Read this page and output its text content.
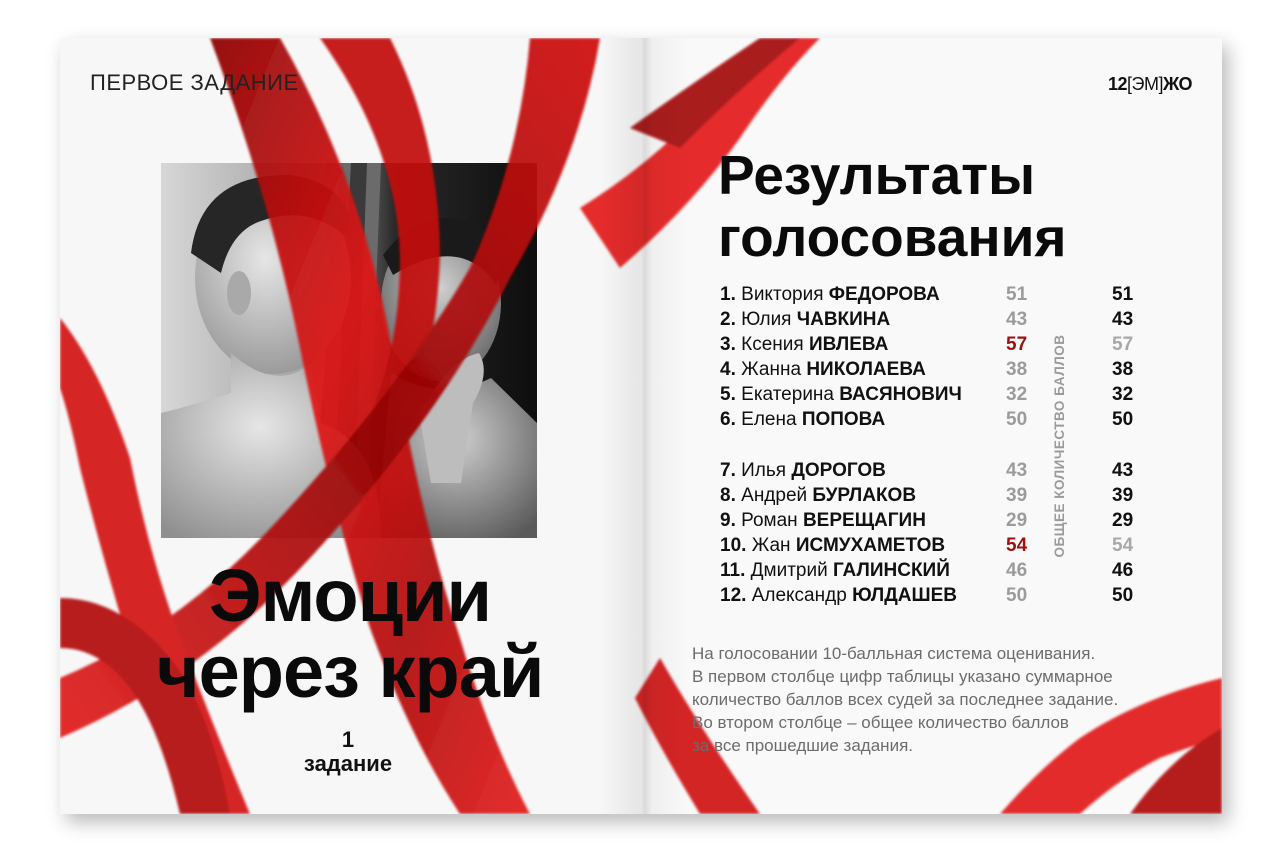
ПЕРВОЕ ЗАДАНИЕ
Эмоции
через край
1
задание
12[ЭМ]ЖО
Результаты
голосования
1. Виктория ФЕДОРОВА	51	51
2. Юлия ЧАВКИНА	43	43
3. Ксения ИВЛЕВА	57	57
4. Жанна НИКОЛАЕВА	38	38
5. Екатерина ВАСЯНОВИЧ 32	32
6. Елена ПОПОВА	50	50
7. Илья ДОРОГОВ	43	43
8. Андрей БУРЛАКОВ	39	39
9. Роман ВЕРЕЩАГИН	29	29
10. Жан ИСМУХАМЕТОВ	54	54
11. Дмитрий ГАЛИНСКИЙ	46	46
12. Александр ЮЛДАШЕВ	50	50
ОБЩЕЕ КОЛИЧЕСТВО БАЛЛОВ
На голосовании 10-балльная система оценивания.
В первом столбце цифр таблицы указано суммарное
количество баллов всех судей за последнее задание.
Во втором столбце – общее количество баллов
за все прошедшие задания.
